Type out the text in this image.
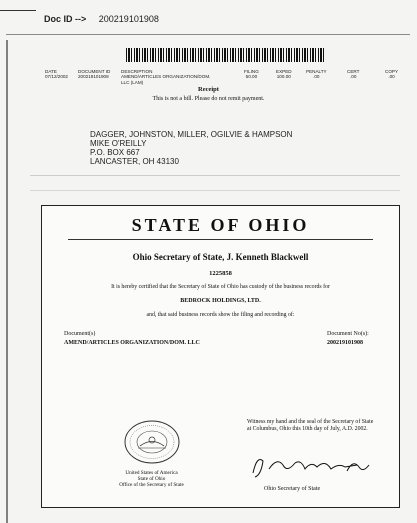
Doc ID --> 200219101908
DATE
07/12/2002
DOCUMENT ID
200219101908
DESCRIPTION
AMEND/ARTICLES ORGANIZATION/DOM. LLC (LAM)
FILING
50.00
EXPED
100.00
PENALTY
.00
CERT
.00
COPY
.00
Receipt
This is not a bill. Please do not remit payment.
DAGGER, JOHNSTON, MILLER, OGILVIE & HAMPSON
MIKE O'REILLY
P.O. BOX 667
LANCASTER, OH 43130
STATE OF OHIO
Ohio Secretary of State, J. Kenneth Blackwell
1225858
It is hereby certified that the Secretary of State of Ohio has custody of the business records for
BEDROCK HOLDINGS, LTD.
and, that said business records show the filing and recording of:
Document(s)
AMEND/ARTICLES ORGANIZATION/DOM. LLC
Document No(s):
200219101908
United States of America
State of Ohio
Office of the Secretary of State
Witness my hand and the seal of the Secretary of State at Columbus, Ohio this 10th day of July, A.D. 2002.
Ohio Secretary of State
